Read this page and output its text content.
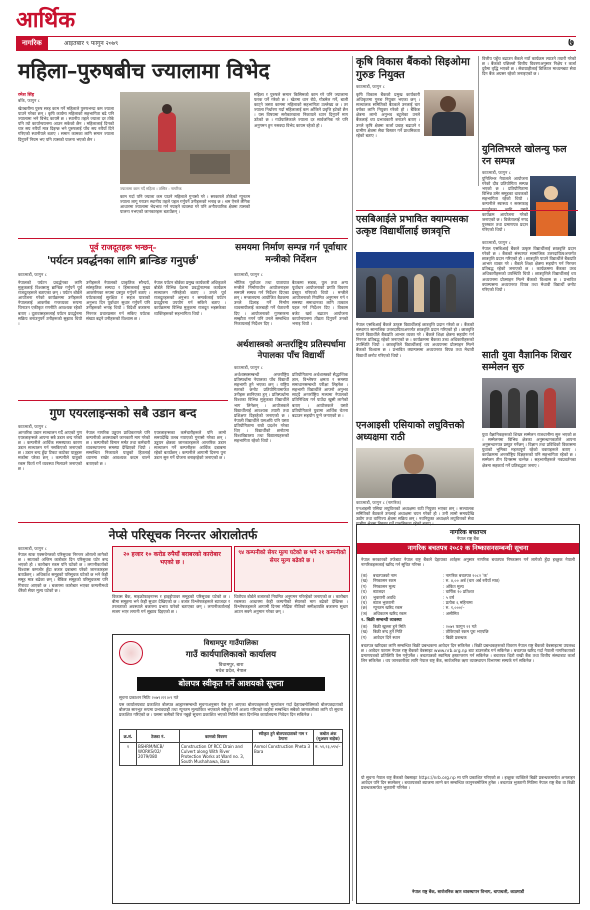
आर्थिक
नागरिक	आइतबार ९ फागुन २०७९	७
महिला–पुरुषबीच ज्यालामा विभेद
रमेश सिंह
बाँके, फागुन ८
खेतबारीमा पुरुष सरह काम गर्ने महिलाले पुरुषभन्दा कम ज्याला पाउने गरेका छन् । कृषि कार्यमा महिलाको सहभागिता बढे पनि ज्यालामा भने विभेद कायमै छ । स्थानीय तहले ज्याला दर तोके पनि त्यो कार्यान्वयनमा आउन सकेको छैन । महिलालाई दिनको चार सय रुपैयाँ मात्र दिइन्छ भने पुरुषलाई पाँच सय रुपैयाँ दिने गरिएको स्थानीयले बताए । समान कामका लागि समान ज्याला दिनुपर्ने नियम भए पनि त्यसको पालना भएको छैन ।
ज्यालामा काम गर्दै महिला । तस्बिर : नागरिक
महिला र पुरुषले समान किसिमको काम गरे पनि ज्यालामा फरक पर्ने गरेको छ । खेतमा धान रोप्ने, गोडमेल गर्ने, बाली काट्ने जस्ता काममा महिलाको सहभागिता उल्लेख्य छ । तर ज्याला निर्धारण गर्दा महिलालाई कम आँकिने प्रवृत्ति हटेको छैन । यस विषयमा सरोकारवाला निकायले ध्यान दिनुपर्ने माग उठेको छ । गाउँपालिकाले ज्याला दर सार्वजनिक गरे पनि अनुगमन हुन नसक्दा विभेद कायम रहेको हो ।
काम गर्दा पनि ज्याला कम पाउने महिलाले गुनासो गरे । सरकारले तोकेको न्यूनतम ज्याला लागू गराउन स्थानीय तहले पहल गर्नुपर्ने उनीहरूको भनाइ छ । श्रम ऐनले लैंगिक आधारमा ज्यालामा भेदभाव गर्न नपाइने व्यवस्था गरे पनि अनौपचारिक क्षेत्रमा त्यसको पालना नभएको जानकारहरू बताउँछन् ।
कृषि विकास बैंकको सिइओमा गुरुङ नियुक्त
काठमाडौं, फागुन ८
कृषि विकास बैंकको प्रमुख कार्यकारी अधिकृतमा गुरुङ नियुक्त भएका छन् । सञ्चालक समितिको बैठकले उनलाई चार वर्षका लागि नियुक्त गरेको हो । बैंकिङ क्षेत्रमा लामो अनुभव बटुलेका उनले बैंकलाई थप प्रभावकारी बनाउने बताए । उनले कृषि क्षेत्रमा कर्जा प्रवाह बढाउने र ग्रामीण क्षेत्रमा सेवा विस्तार गर्ने प्राथमिकता रहेको बताए ।
वित्तीय पहुँच बढाउन बैंकले नयाँ कार्यक्रम ल्याउने तयारी गरेको छ । बैंकको पछिल्लो वित्तीय विवरणअनुसार निक्षेप र कर्जा दुवैमा वृद्धि भएको छ । सेवाग्राहीलाई डिजिटल माध्यमबाट सेवा दिन बैंक अग्रसर रहेको जनाइएको छ ।
युनिलिभरले खोलन्यु फल रन सम्पन्न
काठमाडौं, फागुन ८
युनिलिभर नेपालले आयोजना गरेको दौड प्रतियोगिता सम्पन्न भएको छ । प्रतियोगितामा विभिन्न उमेर समूहका धावकको सहभागिता रहेको थियो । कम्पनीले स्वास्थ्य र सरसफाइ कार्यक्रम आयोजना गरेको जनाएको छ । विजेतालाई नगद पुरस्कार तथा प्रमाणपत्र प्रदान गरिएको थियो ।
पूर्व राजदूतहरू भन्छन्–
'पर्यटन प्रवर्द्धनका लागि ब्रान्डिङ गनुपर्छ'
काठमाडौं, फागुन ८
नेपालको पर्यटन प्रवर्द्धनका लागि मुलुकलाई विश्वसामु ब्रान्डिङ गर्नुपर्ने पूर्व राजदूतहरूले बताएका छन् । पर्यटन बोर्डले आयोजना गरेको कार्यक्रममा उनीहरूले नेपाललाई आकर्षक गन्तव्यका रूपमा चिनाउन एकीकृत रणनीति आवश्यक रहेको बताए । दूतावासहरूलाई पर्यटन प्रवर्द्धनमा सक्रिय बनाउनुपर्ने उनीहरूको सुझाव थियो ।
उनीहरूले नेपालको प्राकृतिक सौन्दर्य, सांस्कृतिक सम्पदा र हिमाललाई मुख्य आकर्षणका रूपमा प्रस्तुत गर्नुपर्ने बताए । पर्यटकलाई सुरक्षित र सहज यात्राको अनुभव दिन पूर्वाधार सुधार गर्नुपर्ने पनि उनीहरूको भनाइ थियो । विदेशी बजारमा निरन्तर प्रचारप्रसार गर्न सकिए पर्यटक संख्या बढ्ने उनीहरूको विश्वास छ ।
नेपाल पर्यटन बोर्डका प्रमुख कार्यकारी अधिकृतले बोर्डले विभिन्न देशमा प्रवर्द्धनात्मक कार्यक्रम सञ्चालन गरिरहेको बताए । उनले पूर्व राजदूतहरूको अनुभव र सम्पर्कलाई पर्यटन प्रवर्द्धनमा उपयोग गर्न सकिने बताए । कार्यक्रममा विभिन्न मुलुकमा राजदूत भइसकेका व्यक्तिहरूको सहभागिता थियो ।
समयमा निर्माण सम्पन्न गर्न पूर्वाधार मन्त्रीको निर्देशन
काठमाडौं, फागुन ८
भौतिक पूर्वाधार तथा यातायात मन्त्रीले निर्माणाधीन आयोजनाहरू समयमै सम्पन्न गर्न निर्देशन दिएका छन् । मन्त्रालयमा आयोजित बैठकमा उनले ढिलाइ गर्ने निर्माण व्यवसायीलाई कारबाही गर्ने चेतावनी दिए । आयोजनाको गुणस्तरमा सम्झौता नगर्न पनि उनले सम्बन्धित निकायलाई निर्देशन दिए ।
बैठकमा सडक, पुल तथा अन्य पूर्वाधार आयोजनाको प्रगति विवरण प्रस्तुत गरिएको थियो । मन्त्रीले आयोजनाको नियमित अनुगमन गर्न र समस्या समाधानका लागि तत्काल पहल गर्न निर्देशन दिए । विकास बजेट खर्च बढाउन आयोजना कार्यान्वयनमा तीव्रता दिनुपर्ने उनको भनाइ थियो ।
अर्थशास्त्रको अन्तर्राष्ट्रिय प्रतिस्पर्धामा नेपालका पाँच विद्यार्थी
काठमाडौं, फागुन ८
अर्थशास्त्रसम्बन्धी अन्तर्राष्ट्रिय प्रतिस्पर्धामा नेपालका पाँच विद्यार्थी सहभागी हुने भएका छन् । राष्ट्रिय स्तरको छनोट प्रतियोगितामार्फत उनीहरू छानिएका हुन् । प्रतिस्पर्धामा विश्वका विभिन्न मुलुकका विद्यार्थीले भाग लिनेछन् । आयोजकले विद्यार्थीलाई आवश्यक तयारी तथा प्रशिक्षण दिइरहेको जनाएको छ । नेपाली विद्यार्थीले यसअघि पनि यस्ता प्रतियोगितामा राम्रो प्रदर्शन गरेका थिए । विद्यार्थीको छनोटमा विश्वविद्यालय तथा विद्यालयहरूको सहभागिता रहेको थियो ।
प्रतियोगितामा अर्थशास्त्रको सैद्धान्तिक ज्ञान, विश्लेषण क्षमता र समस्या समाधानसम्बन्धी परीक्षा लिइनेछ । सहभागी विद्यार्थीले आफ्नो अनुभव साट्दै अन्तर्राष्ट्रिय मञ्चमा नेपालको प्रतिनिधित्व गर्न पाउँदा खुसी लागेको बताए । आयोजकले यस्तो प्रतियोगिताले युवामा आर्थिक चेतना बढाउन सहयोग पुग्ने जनाएको छ ।
गुण एयरलाइन्सको सबै उडान बन्द
काठमाडौं, फागुन ८
आन्तरिक उडान सञ्चालन गर्दै आएको गुण एयरलाइन्सले आफ्ना सबै उडान बन्द गरेको छ । कम्पनीले आर्थिक समस्याका कारण उडान सञ्चालन गर्न नसकिएको जनाएको छ । उडान बन्द हुँदा टिकट काटेका यात्रुहरू मर्कामा परेका छन् । कम्पनीले यात्रुको रकम फिर्ता गर्ने व्यवस्था मिलाउने जनाएको छ ।
नेपाल नागरिक उड्डयन प्राधिकरणले पनि कम्पनीको अवस्थाबारे जानकारी माग गरेको छ । कम्पनीको विमान मर्मत तथा कर्मचारी व्यवस्थापनमा समस्या देखिएको थियो । सम्बन्धित निकायले यात्रुको हितलाई ध्यानमा राखेर आवश्यक कदम चाल्ने बताएको छ ।
एयरलाइन्सका कर्मचारीहरूले पनि लामो समयदेखि तलब नपाएको गुनासो गरेका छन् । उड्डयन क्षेत्रका जानकारहरूले आन्तरिक उडान सञ्चालन गर्ने कम्पनीहरू आर्थिक दबाबमा रहेको बताउँछन् । कम्पनीले आगामी दिनमा पुनः उडान सुरु गर्ने योजना बनाइरहेको जनाएको छ ।
नेप्से परिसूचक निरन्तर ओरालोतर्फ
काठमाडौं, फागुन ८
नेपाल स्टक एक्सचेन्जको परिसूचक निरन्तर ओरालो लागेको छ । साताको अन्तिम कारोबार दिन परिसूचक घटेर बन्द भएको हो । कारोबार रकम पनि घटेको छ । लगानीकर्ताको विश्वास कमजोर हुँदा बजार दबाबमा परेको जानकारहरू बताउँछन् । अधिकांश समूहको परिसूचक घटेको छ भने केही समूह मात्र बढेका छन् । बैंकिङ समूहको परिसूचकमा पनि गिरावट आएको छ । बजारमा कारोबार भएका कम्पनीमध्ये धेरैको सेयर मूल्य घटेको छ ।
२० हजार १० करोड रुपैयाँ बराबरको कारोबार भएको छ ।
विकास बैंक, माइक्रोफाइनान्स र हाइड्रोपावर समूहको परिसूचक घटेको छ । बीमा समूहमा भने केही सुधार देखिएको छ । बजार विश्लेषकहरूले ब्याजदर र तरलताको अवस्थाले बजारमा प्रभाव पारेको बताएका छन् । लगानीकर्तालाई सजग भएर लगानी गर्न सुझाव दिइएको छ ।
९४ कम्पनीको सेयर मूल्य घटेको छ भने २१ कम्पनीको सेयर मूल्य बढेको छ ।
धितोपत्र बोर्डले बजारको नियमित अनुगमन गरिरहेको जनाएको छ । कारोबार रकमका आधारमा केही कम्पनीको सेयरको माग बढेको देखिन्छ । विश्लेषकहरूले आगामी दिनमा मौद्रिक नीतिको समीक्षापछि बजारमा सुधार आउन सक्ने अनुमान गरेका छन् ।
विधामपुर गाउँपालिका
गाउँ कार्यपालिकाको कार्यालय
विधामपुर, बारा
मधेश प्रदेश, नेपाल
बोलपत्र स्वीकृत गर्ने आशयको सूचना
सूचना प्रकाशन मितिः २०७९।११।०९ गते
यस कार्यालयबाट प्रकाशित बोलपत्र आह्वानसम्बन्धी सूचनाअनुसार पेस हुन आएका बोलपत्रहरूको मूल्यांकन गर्दा देहायबमोजिमको बोलपत्रदाताको बोलपत्र सारभूत रूपमा प्रभावग्राही तथा न्यूनतम मूल्यांकित भएकाले स्वीकृत गर्ने आशय गरिएको व्यहोरा सम्बन्धित सबैको जानकारीका लागि यो सूचना प्रकाशित गरिएको छ । यसमा कसैको चित्त नबुझे सूचना प्रकाशित भएको मितिले सात दिनभित्र कार्यालयमा निवेदन दिन सकिनेछ ।
क्र.सं.	ठेक्का नं.	कामको विवरण	स्वीकृत हुने बोलपत्रदाताको नाम र ठेगाना	कबोल अंक (मूअकर बाहेक)
१	BSHRM/NCB/ WORKS/02/ 2079/080	Construction Of RCC Drain and Culvert along With River Protection Works at Ward no. 3, South Mushahawa, Bara	Anmol Construction Pheta 3 Bara	रु. ५१,२३,५९५/–
एसबिआईले प्रभावित क्याम्पसका उत्कृष्ट विद्यार्थीलाई छात्रवृत्ति
काठमाडौं, फागुन ८
नेपाल एसबिआई बैंकले उत्कृष्ट विद्यार्थीलाई छात्रवृत्ति प्रदान गरेको छ । बैंकको संस्थागत सामाजिक उत्तरदायित्वअन्तर्गत छात्रवृत्ति प्रदान गरिएको हो । छात्रवृत्ति पाउने विद्यार्थीले बैंकप्रति आभार व्यक्त गरे । बैंकले शिक्षा क्षेत्रमा सहयोग गर्न निरन्तर प्रतिबद्ध रहेको जनाएको छ । कार्यक्रममा बैंकका उच्च अधिकारीहरूको उपस्थिति थियो । छात्रवृत्तिले विद्यार्थीलाई थप अध्ययनमा प्रोत्साहन मिल्ने बैंकको विश्वास छ । प्रभावित क्याम्पसमा अध्ययनरत विपन्न तथा मेधावी विद्यार्थी छनोट गरिएको थियो ।
नेपाल एसबिआई बैंकले उत्कृष्ट विद्यार्थीलाई छात्रवृत्ति प्रदान गरेको छ । बैंकको संस्थागत सामाजिक उत्तरदायित्वअन्तर्गत छात्रवृत्ति प्रदान गरिएको हो । छात्रवृत्ति पाउने विद्यार्थीले बैंकप्रति आभार व्यक्त गरे । बैंकले शिक्षा क्षेत्रमा सहयोग गर्न निरन्तर प्रतिबद्ध रहेको जनाएको छ । कार्यक्रममा बैंकका उच्च अधिकारीहरूको उपस्थिति थियो । छात्रवृत्तिले विद्यार्थीलाई थप अध्ययनमा प्रोत्साहन मिल्ने बैंकको विश्वास छ । प्रभावित क्याम्पसमा अध्ययनरत विपन्न तथा मेधावी विद्यार्थी छनोट गरिएको थियो ।	साती युवा वैज्ञानिक शिखर सम्मेलन सुरु
युवा वैज्ञानिकहरूको शिखर सम्मेलन राजधानीमा सुरु भएको छ । सम्मेलनमा विभिन्न क्षेत्रका अनुसन्धानकर्ताले आफ्ना अनुसन्धानपत्र प्रस्तुत गर्नेछन् । विज्ञान तथा प्रविधिको विकासमा युवाको भूमिका महत्त्वपूर्ण रहेको वक्ताहरूले बताए । कार्यक्रममा अन्तर्राष्ट्रिय विज्ञहरूको पनि सहभागिता रहेको छ । सम्मेलन तीन दिनसम्म चल्नेछ । सहभागीहरूले नवप्रवर्तनका क्षेत्रमा सहकार्य गर्ने प्रतिबद्धता जनाए ।
एनआइसी एसियाको लघुवित्तको अध्यक्षमा राठी
काठमाडौं, फागुन ८ (नागरिक)
एनआइसी एसिया लघुवित्तको अध्यक्षमा राठी नियुक्त भएका छन् । सञ्चालक समितिको बैठकले उनलाई अध्यक्षमा चयन गरेको हो । उनी लामो समयदेखि उद्योग तथा वाणिज्य क्षेत्रमा सक्रिय छन् । नवनियुक्त अध्यक्षले लघुवित्तको सेवा ग्रामीण क्षेत्रमा विस्तार गर्ने प्राथमिकता रहेको बताए ।
नागरिक बचतपत्र
नेपाल राष्ट्र बैंक
नागरिक बचतपत्र २०८२ क निष्कासनसम्बन्धी सूचना
नेपाल सरकारको तर्फबाट नेपाल राष्ट्र बैंकले देहायका शर्तहरू अनुसार नागरिक बचतपत्र निष्कासन गर्न लागेको हुँदा इच्छुक नेपाली नागरिकहरूलाई खरिद गर्न सूचित गरिन्छ ।
(क)	बचतपत्रको नाम	: नागरिक बचतपत्र २०८२ 'क'
(ख)	निष्कासन रकम	: रु. ४,०० अर्ब (चार अर्ब रुपैयाँ मात्र)
(ग)	निष्कासन मूल्य	: अंकित मूल्य
(घ)	ब्याजदर	: वार्षिक १० प्रतिशत
(ङ)	भुक्तानी अवधि	: ५ वर्ष
(च)	ब्याज भुक्तानी	: प्रत्येक ६ महिनामा
(छ)	न्यूनतम खरिद रकम	: रु. १,०००/–
(ज)	अधिकतम खरिद रकम	: असीमित
२. बिक्री सम्बन्धी व्यवस्था
(क)	बिक्री खुल्ला हुने मिति	: २०७९ फागुन २१ गते
(ख)	बिक्री बन्द हुने मिति	: तोकिएको रकम पूरा भएपछि
(ग)	आवेदन दिने स्थान	: बिक्री प्रबन्धक
बचतपत्र खरिदका लागि सम्बन्धित बिक्री प्रबन्धकमा आवेदन दिन सकिनेछ । बिक्री प्रबन्धकहरूको विवरण नेपाल राष्ट्र बैंकको वेबसाइटमा उपलब्ध छ । आवेदन फाराम नेपाल राष्ट्र बैंकको वेबसाइट www.nrb.org.np बाट डाउनलोड गर्न सकिनेछ । बचतपत्र खरिद गर्दा नेपाली नागरिकताको प्रमाणपत्रको प्रतिलिपि पेस गर्नुपर्नेछ । बचतपत्रको स्वामित्व हस्तान्तरण गर्न सकिनेछ । बचतपत्र धितो राखी बैंक तथा वित्तीय संस्थाबाट कर्जा लिन सकिनेछ । थप जानकारीका लागि नेपाल राष्ट्र बैंक, सार्वजनिक ऋण व्यवस्थापन विभागमा सम्पर्क गर्न सकिनेछ ।
यो सूचना नेपाल राष्ट्र बैंकको वेबसाइट https://nrb.org.np मा पनि प्रकाशित गरिएको छ । इच्छुक व्यक्तिले बिक्री प्रबन्धकमार्फत अनलाइन आवेदन पनि दिन सक्नेछन् । बचतपत्रको ब्याजमा लाग्ने कर सम्बन्धित कानुनबमोजिम हुनेछ । बचतपत्र भुक्तानी मितिमा नेपाल राष्ट्र बैंक वा बिक्री प्रबन्धकमार्फत भुक्तानी गरिनेछ ।
नेपाल राष्ट्र बैंक, सार्वजनिक ऋण व्यवस्थापन विभाग, थापाथली, काठमाडौं
